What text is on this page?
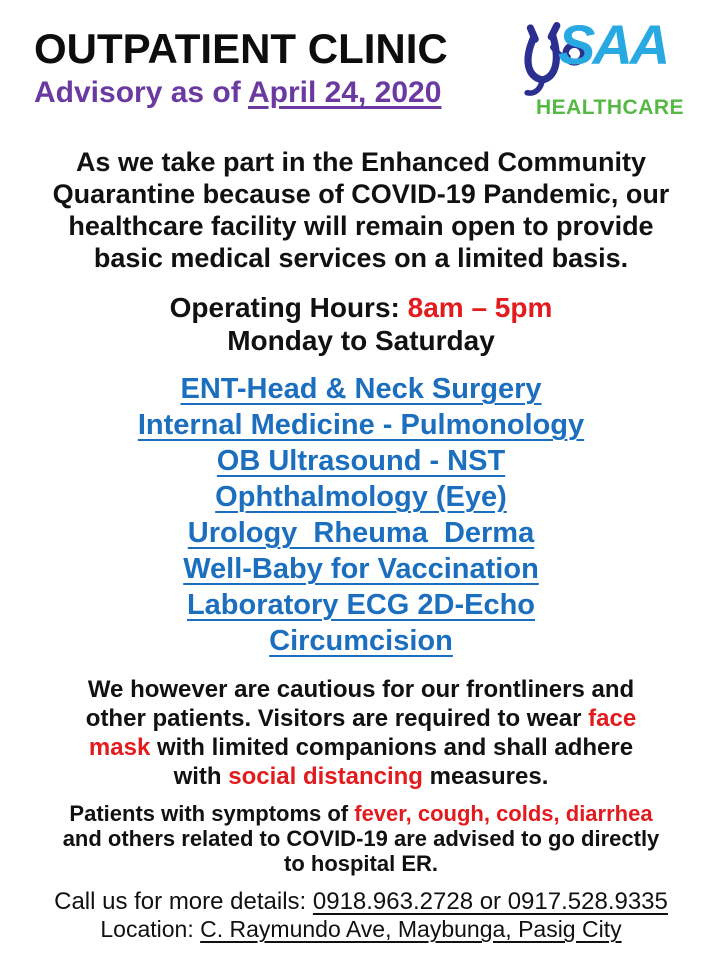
OUTPATIENT CLINIC
Advisory as of April 24, 2020
SAA
HEALTHCARE
As we take part in the Enhanced Community
Quarantine because of COVID-19 Pandemic, our
healthcare facility will remain open to provide
basic medical services on a limited basis.
Operating Hours: 8am – 5pm
Monday to Saturday
ENT-Head & Neck Surgery
Internal Medicine - Pulmonology
OB Ultrasound - NST
Ophthalmology (Eye)
Urology  Rheuma  Derma
Well-Baby for Vaccination
Laboratory ECG 2D-Echo
Circumcision
We however are cautious for our frontliners and
other patients. Visitors are required to wear face
mask with limited companions and shall adhere
with social distancing measures.
Patients with symptoms of fever, cough, colds, diarrhea
and others related to COVID-19 are advised to go directly
to hospital ER.
Call us for more details: 0918.963.2728 or 0917.528.9335
Location: C. Raymundo Ave, Maybunga, Pasig City
